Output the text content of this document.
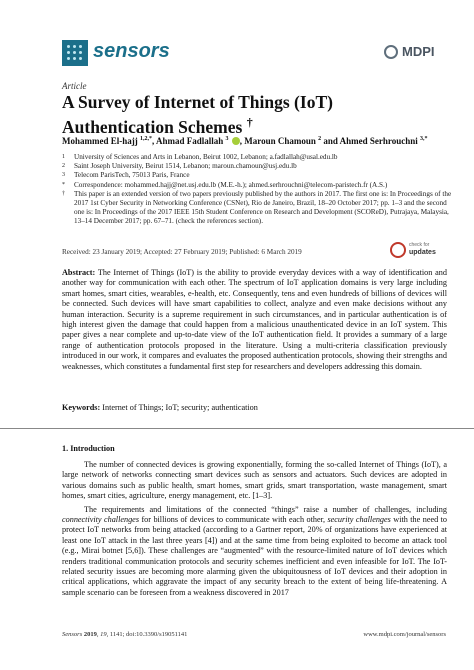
sensors	MDPI
Article
A Survey of Internet of Things (IoT) Authentication Schemes †
Mohammed El-hajj $^{1,2,*}$, Ahmad Fadlallah $^3$ , Maroun Chamoun $^2$ and Ahmed Serhrouchni $^{3,*}$
1 University of Sciences and Arts in Lebanon, Beirut 1002, Lebanon; a.fadlallah@usal.edu.lb
2 Saint Joseph University, Beirut 1514, Lebanon; maroun.chamoun@usj.edu.lb
3 Telecom ParisTech, 75013 Paris, France
* Correspondence: mohammed.hajj@net.usj.edu.lb (M.E.-h.); ahmed.serhrouchni@telecom-paristech.fr (A.S.)
† This paper is an extended version of two papers previously published by the authors in 2017. The first one is: In Proceedings of the 2017 1st Cyber Security in Networking Conference (CSNet), Rio de Janeiro, Brazil, 18–20 October 2017; pp. 1–3 and the second one is: In Proceedings of the 2017 IEEE 15th Student Conference on Research and Development (SCOReD), Putrajaya, Malaysia, 13–14 December 2017; pp. 67–71. (check the references section).
Received: 23 January 2019; Accepted: 27 February 2019; Published: 6 March 2019
check for
updates
Abstract: The Internet of Things (IoT) is the ability to provide everyday devices with a way of identification and another way for communication with each other. The spectrum of IoT application domains is very large including smart homes, smart cities, wearables, e-health, etc. Consequently, tens and even hundreds of billions of devices will be connected. Such devices will have smart capabilities to collect, analyze and even make decisions without any human interaction. Security is a supreme requirement in such circumstances, and in particular authentication is of high interest given the damage that could happen from a malicious unauthenticated device in an IoT system. This paper gives a near complete and up-to-date view of the IoT authentication field. It provides a summary of a large range of authentication protocols proposed in the literature. Using a multi-criteria classification previously introduced in our work, it compares and evaluates the proposed authentication protocols, showing their strengths and weaknesses, which constitutes a fundamental first step for researchers and developers addressing this domain.
Keywords: Internet of Things; IoT; security; authentication
1. Introduction

The number of connected devices is growing exponentially, forming the so-called Internet of Things (IoT), a large network of networks connecting smart devices such as sensors and actuators. Such devices are adopted in various domains such as public health, smart homes, smart grids, smart transportation, waste management, smart homes, smart cities, agriculture, energy management, etc. [1–3].

The requirements and limitations of the connected “things” raise a number of challenges, including connectivity challenges for billions of devices to communicate with each other, security challenges with the need to protect IoT networks from being attacked (according to a Gartner report, 20% of organizations have experienced at least one IoT attack in the last three years [4]) and at the same time from being exploited to become an attack tool (e.g., Mirai botnet [5,6]). These challenges are “augmented” with the resource-limited nature of IoT devices which renders traditional communication protocols and security schemes inefficient and even infeasible for IoT. The IoT-related security issues are becoming more alarming given the ubiquitousness of IoT devices and their adoption in critical applications, which aggravate the impact of any security breach to the extent of being life-threatening. A sample scenario can be foreseen from a weakness discovered in 2017

Sensors 2019, 19, 1141; doi:10.3390/s19051141	www.mdpi.com/journal/sensors
